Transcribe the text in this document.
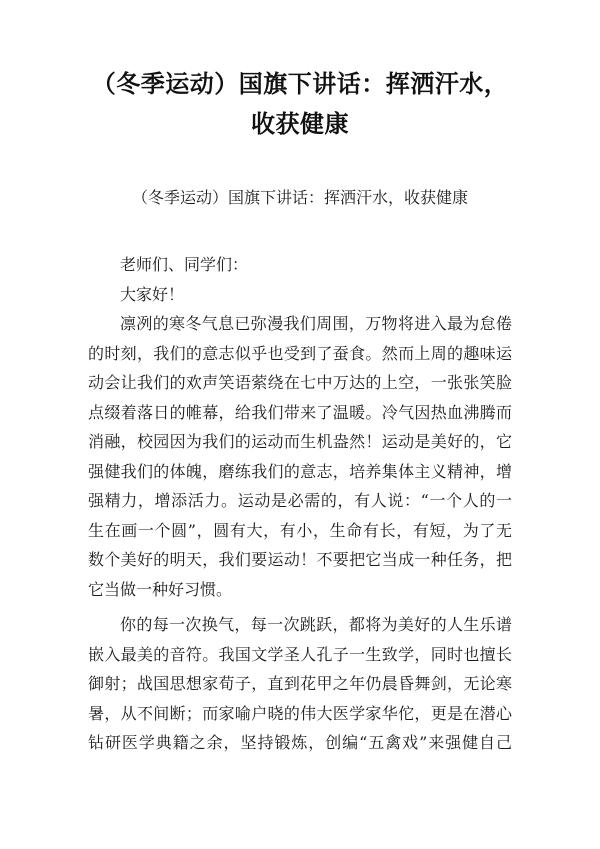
（冬季运动）国旗下讲话：挥洒汗水，
收获健康
（冬季运动）国旗下讲话：挥洒汗水，收获健康

老师们、同学们：

大家好！

凛冽的寒冬气息已弥漫我们周围，万物将进入最为怠倦
的时刻，我们的意志似乎也受到了蚕食。然而上周的趣味运
动会让我们的欢声笑语萦绕在七中万达的上空，一张张笑脸
点缀着落日的帷幕，给我们带来了温暖。冷气因热血沸腾而
消融，校园因为我们的运动而生机盎然！运动是美好的，它
强健我们的体魄，磨练我们的意志，培养集体主义精神，增
强精力，增添活力。运动是必需的，有人说：“一个人的一
生在画一个圆”，圆有大，有小，生命有长，有短，为了无
数个美好的明天，我们要运动！不要把它当成一种任务，把
它当做一种好习惯。
你的每一次换气，每一次跳跃，都将为美好的人生乐谱
嵌入最美的音符。我国文学圣人孔子一生致学，同时也擅长
御射；战国思想家荀子，直到花甲之年仍晨昏舞剑，无论寒
暑，从不间断；而家喻户晓的伟大医学家华佗，更是在潜心
钻研医学典籍之余，坚持锻炼，创编“五禽戏”来强健自己
